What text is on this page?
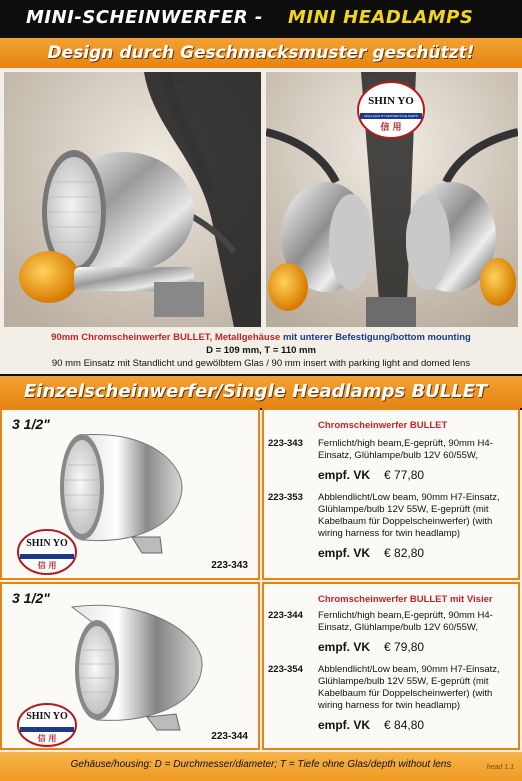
MINI-SCHEINWERFER - MINI HEADLAMPS
Design durch Geschmacksmuster geschützt!
SHIN YO
HIGH QUALITY MOTORCYCLE PARTS
信 用
90mm Chromscheinwerfer BULLET, Metallgehäuse mit unterer Befestigung/bottom mounting
D = 109 mm, T = 110 mm
90 mm Einsatz mit Standlicht und gewölbtem Glas / 90 mm insert with parking light and domed lens
Einzelscheinwerfer/Single Headlamps BULLET
3 1/2"
SHIN YO
信 用	223-343
Chromscheinwerfer BULLET
223-343 Fernlicht/high beam,E-geprüft, 90mm H4-Einsatz, Glühlampe/bulb 12V 60/55W,
empf. VK € 77,80
223-353 Abblendlicht/Low beam, 90mm H7-Einsatz, Glühlampe/bulb 12V 55W, E-geprüft (mit Kabelbaum für Doppelscheinwerfer) (with wiring harness for twin headlamp)
empf. VK € 82,80
3 1/2"
SHIN YO
信 用	223-344
Chromscheinwerfer BULLET mit Visier
223-344 Fernlicht/high beam,E-geprüft, 90mm H4-Einsatz, Glühlampe/bulb 12V 60/55W,
empf. VK € 79,80
223-354 Abblendlicht/Low beam, 90mm H7-Einsatz, Glühlampe/bulb 12V 55W, E-geprüft (mit Kabelbaum für Doppelscheinwerfer) (with wiring harness for twin headlamp)
empf. VK € 84,80
Gehäuse/housing: D = Durchmesser/diameter; T = Tiefe ohne Glas/depth without lens	head 1.1
